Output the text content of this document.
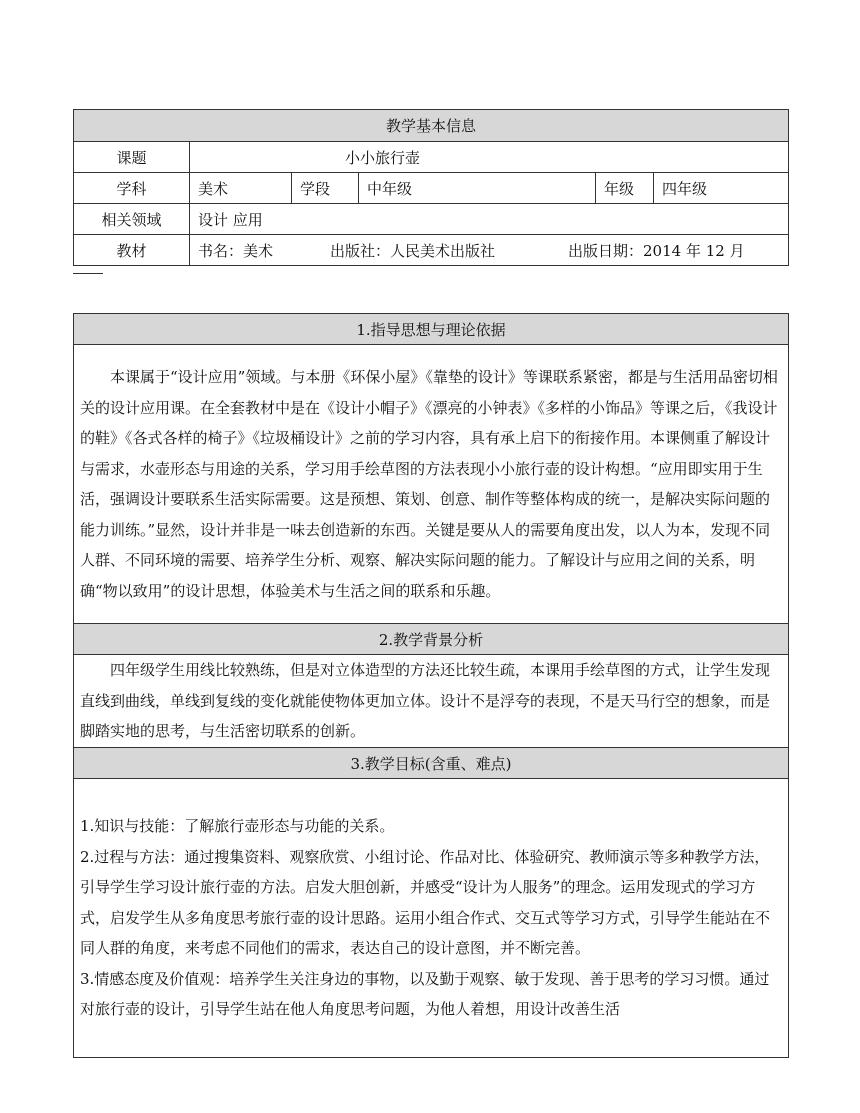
教学基本信息					
课题	小小旅行壶				
学科	美术	学段	中年级	年级	四年级
相关领域	设计 应用				
教材	书名：美术 出版社：人民美术出版社 出版日期：2014 年 12 月				
1.指导思想与理论依据

本课属于“设计应用”领域。与本册《环保小屋》《靠垫的设计》等课联系紧密，都是与生活用品密切相关的设计应用课。在全套教材中是在《设计小帽子》《漂亮的小钟表》《多样的小饰品》等课之后，《我设计的鞋》《各式各样的椅子》《垃圾桶设计》之前的学习内容，具有承上启下的衔接作用。本课侧重了解设计与需求，水壶形态与用途的关系，学习用手绘草图的方法表现小小旅行壶的设计构想。“应用即实用于生活，强调设计要联系生活实际需要。这是预想、策划、创意、制作等整体构成的统一，是解决实际问题的能力训练。”显然，设计并非是一味去创造新的东西。关键是要从人的需要角度出发，以人为本，发现不同人群、不同环境的需要、培养学生分析、观察、解决实际问题的能力。了解设计与应用之间的关系，明确“物以致用”的设计思想，体验美术与生活之间的联系和乐趣。

2.教学背景分析

四年级学生用线比较熟练，但是对立体造型的方法还比较生疏，本课用手绘草图的方式，让学生发现直线到曲线，单线到复线的变化就能使物体更加立体。设计不是浮夸的表现，不是天马行空的想象，而是脚踏实地的思考，与生活密切联系的创新。

3.教学目标(含重、难点)

1.知识与技能：了解旅行壶形态与功能的关系。

2.过程与方法：通过搜集资料、观察欣赏、小组讨论、作品对比、体验研究、教师演示等多种教学方法，引导学生学习设计旅行壶的方法。启发大胆创新，并感受“设计为人服务”的理念。运用发现式的学习方式，启发学生从多角度思考旅行壶的设计思路。运用小组合作式、交互式等学习方式，引导学生能站在不同人群的角度，来考虑不同他们的需求，表达自己的设计意图，并不断完善。

3.情感态度及价值观：培养学生关注身边的事物，以及勤于观察、敏于发现、善于思考的学习习惯。通过对旅行壶的设计，引导学生站在他人角度思考问题，为他人着想，用设计改善生活
